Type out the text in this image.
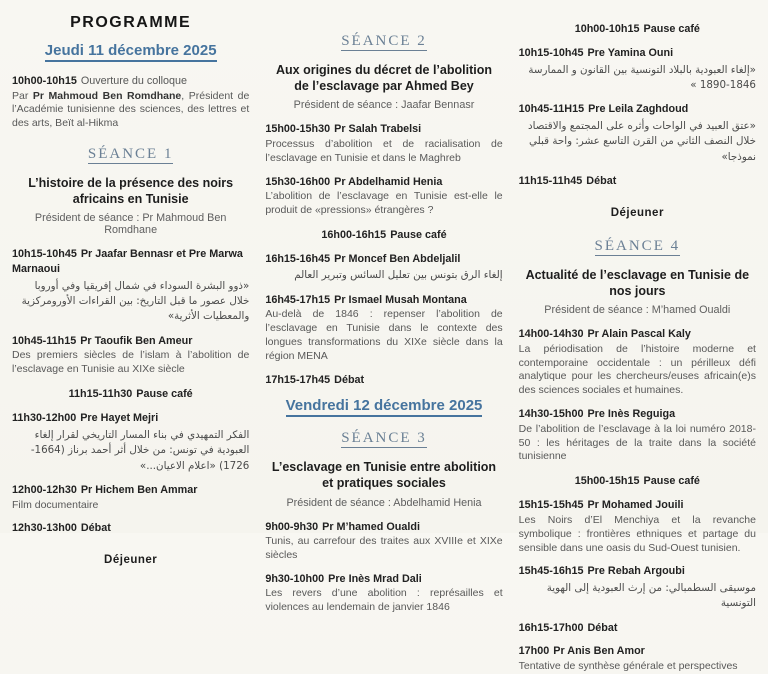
PROGRAMME
Jeudi 11 décembre 2025
10h00-10h15 Ouverture du colloque

Par Pr Mahmoud Ben Romdhane, Président de l’Académie tunisienne des sciences, des lettres et des arts, Beït al-Hikma

SÉANCE 1
L’histoire de la présence des noirs africains en Tunisie
Président de séance : Pr Mahmoud Ben Romdhane
10h15-10h45 Pr Jaafar Bennasr et Pre Marwa Marnaoui

«ذوو البشرة السوداء في شمال إفريقيا وفي أوروبا خلال عصور ما قبل التاريخ: بين القراءات الأورومركزية والمعطيات الأثرية»

10h45-11h15 Pr Taoufik Ben Ameur

Des premiers siècles de l’islam à l’abolition de l’esclavage en Tunisie au XIXe siècle

11h15-11h30 Pause café
11h30-12h00 Pre Hayet Mejri

الفكر التمهيدي في بناء المسار التاريخي لقرار إلغاء العبودية في تونس: من خلال أثر أحمد برناز (1664-1726) «اعلام الاعيان...»

12h00-12h30 Pr Hichem Ben Ammar

Film documentaire

12h30-13h00 Débat
Déjeuner
SÉANCE 2
Aux origines du décret de l’abolition de l’esclavage par Ahmed Bey
Président de séance : Jaafar Bennasr
15h00-15h30 Pr Salah Trabelsi

Processus d’abolition et de racialisation de l’esclavage en Tunisie et dans le Maghreb

15h30-16h00 Pr Abdelhamid Henia

L’abolition de l’esclavage en Tunisie est-elle le produit de «pressions» étrangères ?

16h00-16h15 Pause café
16h15-16h45 Pr Moncef Ben Abdeljalil

إلغاء الرق بتونس بين تعليل السائس وتبرير العالم

16h45-17h15 Pr Ismael Musah Montana

Au-delà de 1846 : repenser l’abolition de l’esclavage en Tunisie dans le contexte des longues transformations du XIXe siècle dans la région MENA

17h15-17h45 Débat
Vendredi 12 décembre 2025
SÉANCE 3
L’esclavage en Tunisie entre abolition et pratiques sociales
Président de séance : Abdelhamid Henia
9h00-9h30 Pr M’hamed Oualdi

Tunis, au carrefour des traites aux XVIIIe et XIXe siècles

9h30-10h00 Pre Inès Mrad Dali

Les revers d’une abolition : représailles et violences au lendemain de janvier 1846

10h00-10h15 Pause café
10h15-10h45 Pre Yamina Ouni

«إلغاء العبودية بالبلاد التونسية بين القانون و الممارسة 1846-1890 »

10h45-11H15 Pre Leila Zaghdoud

«عتق العبيد في الواحات وأثره على المجتمع والاقتصاد خلال النصف الثاني من القرن التاسع عشر: واحة قبلي نموذجا»

11h15-11h45 Débat
Déjeuner
SÉANCE 4
Actualité de l’esclavage en Tunisie de nos jours
Président de séance : M’hamed Oualdi
14h00-14h30 Pr Alain Pascal Kaly

La périodisation de l’histoire moderne et contemporaine occidentale : un périlleux défi analytique pour les chercheurs/euses africain(e)s des sciences sociales et humaines.

14h30-15h00 Pre Inès Reguiga

De l’abolition de l’esclavage à la loi numéro 2018-50 : les héritages de la traite dans la société tunisienne

15h00-15h15 Pause café
15h15-15h45 Pr Mohamed Jouili

Les Noirs d’El Menchiya et la revanche symbolique : frontières ethniques et partage du sensible dans une oasis du Sud-Ouest tunisien.

15h45-16h15 Pre Rebah Argoubi

موسيقى السطمبالي: من إرث العبودية إلى الهوية التونسية

16h15-17h00 Débat
17h00 Pr Anis Ben Amor

Tentative de synthèse générale et perspectives
